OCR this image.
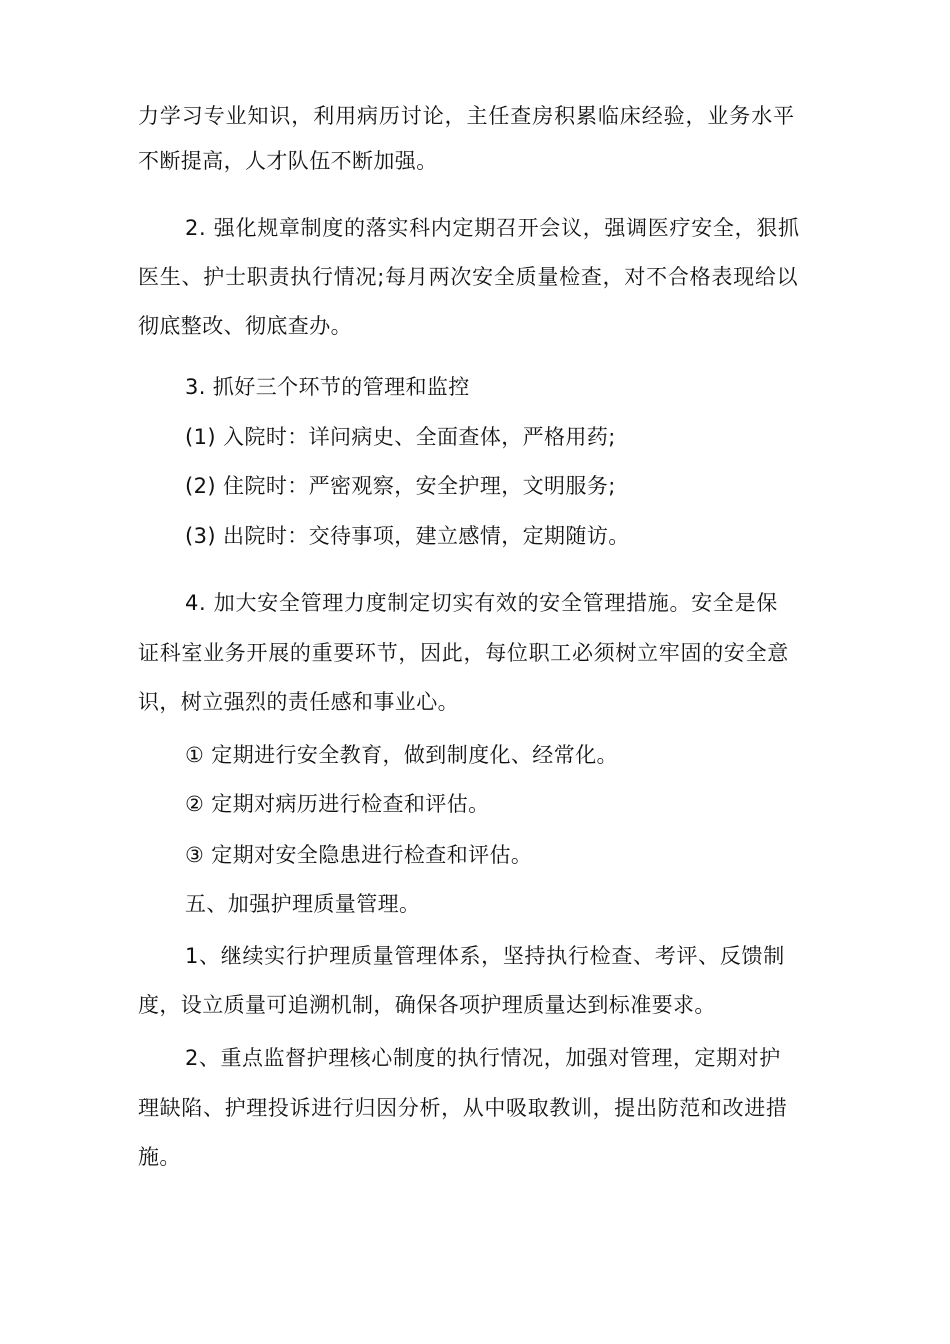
力学习专业知识，利用病历讨论，主任查房积累临床经验，业务水平
不断提高，人才队伍不断加强。
2. 强化规章制度的落实科内定期召开会议，强调医疗安全，狠抓
医生、护士职责执行情况;每月两次安全质量检查，对不合格表现给以
彻底整改、彻底查办。
3. 抓好三个环节的管理和监控
(1) 入院时：详问病史、全面查体，严格用药;
(2) 住院时：严密观察，安全护理，文明服务;
(3) 出院时：交待事项，建立感情，定期随访。
4. 加大安全管理力度制定切实有效的安全管理措施。安全是保
证科室业务开展的重要环节，因此，每位职工必须树立牢固的安全意
识，树立强烈的责任感和事业心。
① 定期进行安全教育，做到制度化、经常化。
② 定期对病历进行检查和评估。
③ 定期对安全隐患进行检查和评估。
五、加强护理质量管理。
1、继续实行护理质量管理体系，坚持执行检查、考评、反馈制
度，设立质量可追溯机制，确保各项护理质量达到标准要求。
2、重点监督护理核心制度的执行情况，加强对管理，定期对护
理缺陷、护理投诉进行归因分析，从中吸取教训，提出防范和改进措
施。
